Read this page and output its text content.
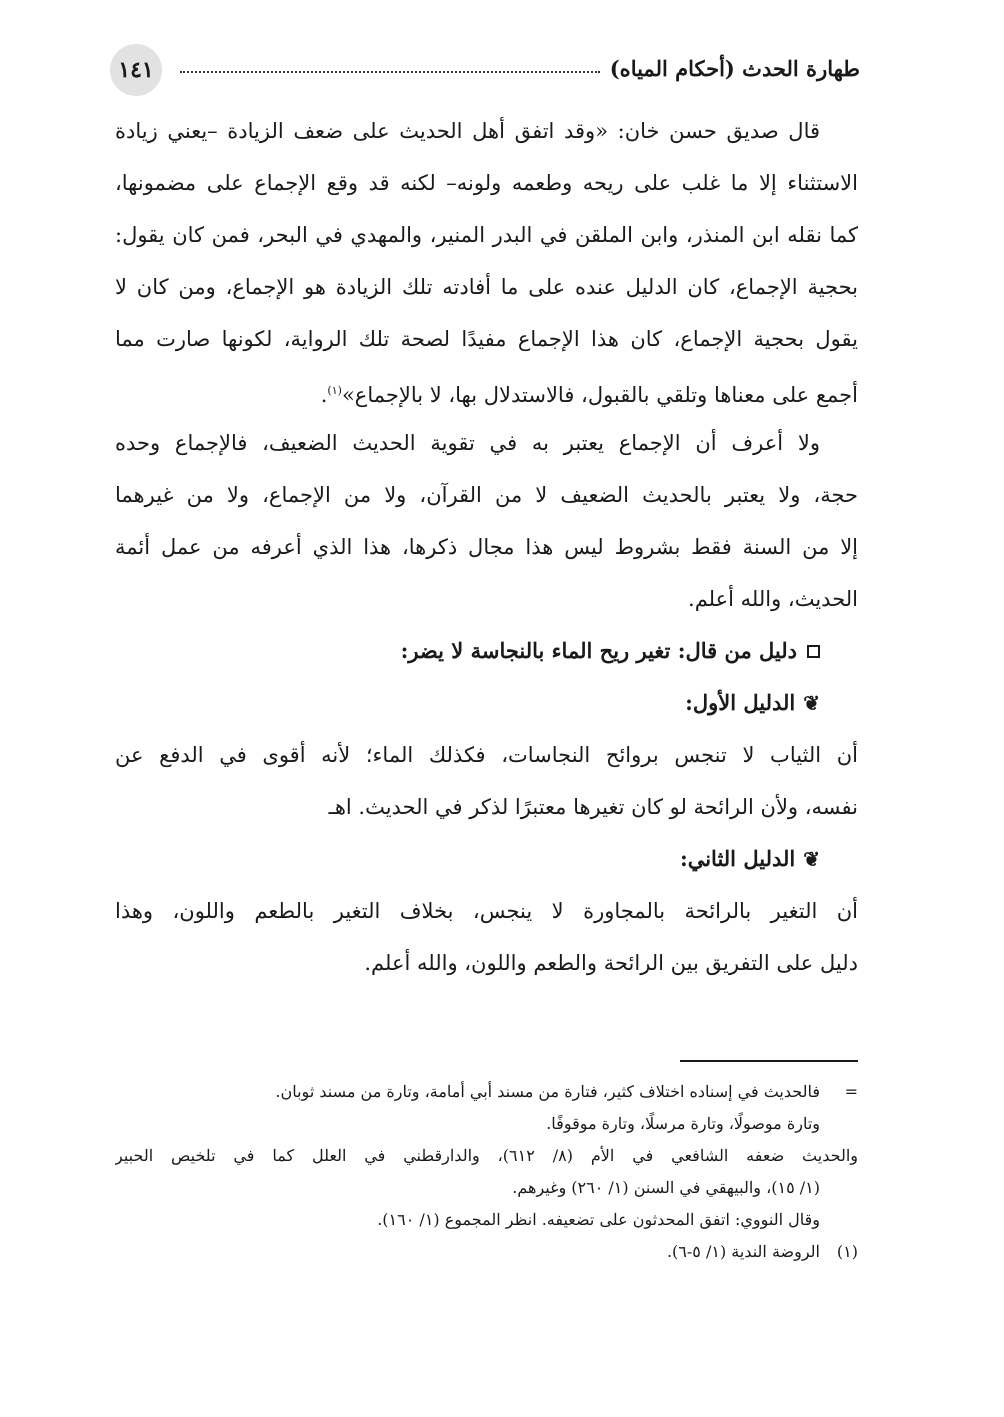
١٤١	طهارة الحدث (أحكام المياه)
قال صديق حسن خان: «وقد اتفق أهل الحديث على ضعف الزيادة –يعني زيادة
الاستثناء إلا ما غلب على ريحه وطعمه ولونه– لكنه قد وقع الإجماع على مضمونها،
كما نقله ابن المنذر، وابن الملقن في البدر المنير، والمهدي في البحر، فمن كان يقول:
بحجية الإجماع، كان الدليل عنده على ما أفادته تلك الزيادة هو الإجماع، ومن كان لا
يقول بحجية الإجماع، كان هذا الإجماع مفيدًا لصحة تلك الرواية، لكونها صارت مما
أجمع على معناها وتلقي بالقبول، فالاستدلال بها، لا بالإجماع»$^{(١)}$.
ولا أعرف أن الإجماع يعتبر به في تقوية الحديث الضعيف، فالإجماع وحده
حجة، ولا يعتبر بالحديث الضعيف لا من القرآن، ولا من الإجماع، ولا من غيرهما
إلا من السنة فقط بشروط ليس هذا مجال ذكرها، هذا الذي أعرفه من عمل أئمة
الحديث، والله أعلم.
دليل من قال: تغير ريح الماء بالنجاسة لا يضر:
❦
الدليل الأول:
أن الثياب لا تنجس بروائح النجاسات، فكذلك الماء؛ لأنه أقوى في الدفع عن
نفسه، ولأن الرائحة لو كان تغيرها معتبرًا لذكر في الحديث. اهـ
❦
الدليل الثاني:
أن التغير بالرائحة بالمجاورة لا ينجس، بخلاف التغير بالطعم واللون، وهذا
دليل على التفريق بين الرائحة والطعم واللون، والله أعلم.
=فالحديث في إسناده اختلاف كثير، فتارة من مسند أبي أمامة، وتارة من مسند ثوبان.
وتارة موصولًا، وتارة مرسلًا، وتارة موقوفًا.
والحديث ضعفه الشافعي في الأم (٨/ ٦١٢)، والدارقطني في العلل كما في تلخيص الحبير
(١/ ١٥)، والبيهقي في السنن (١/ ٢٦٠) وغيرهم.
وقال النووي: اتفق المحدثون على تضعيفه. انظر المجموع (١/ ١٦٠).
(١)الروضة الندية (١/ ٥-٦).
